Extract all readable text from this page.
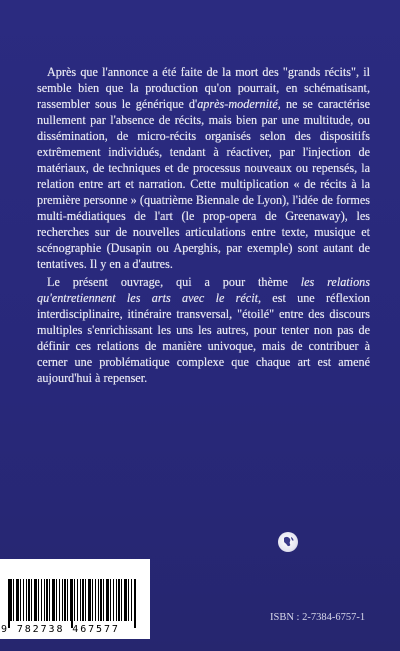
Après que l'annonce a été faite de la mort des "grands récits", il semble bien que la production qu'on pourrait, en schématisant, rassembler sous le générique d'après-modernité, ne se caractérise nullement par l'absence de récits, mais bien par une multitude, ou dissémination, de micro-récits organisés selon des dispositifs extrêmement individués, tendant à réactiver, par l'injection de matériaux, de techniques et de processus nouveaux ou repensés, la relation entre art et narration. Cette multiplication « de récits à la première personne » (quatrième Biennale de Lyon), l'idée de formes multi-médiatiques de l'art (le prop-opera de Greenaway), les recherches sur de nouvelles articulations entre texte, musique et scénographie (Dusapin ou Aperghis, par exemple) sont autant de tentatives. Il y en a d'autres.

Le présent ouvrage, qui a pour thème les relations qu'entretiennent les arts avec le récit, est une réflexion interdisciplinaire, itinéraire transversal, "étoilé" entre des discours multiples s'enrichissant les uns les autres, pour tenter non pas de définir ces relations de manière univoque, mais de contribuer à cerner une problématique complexe que chaque art est amené aujourd'hui à repenser.

9 782738 467577
ISBN : 2-7384-6757-1
